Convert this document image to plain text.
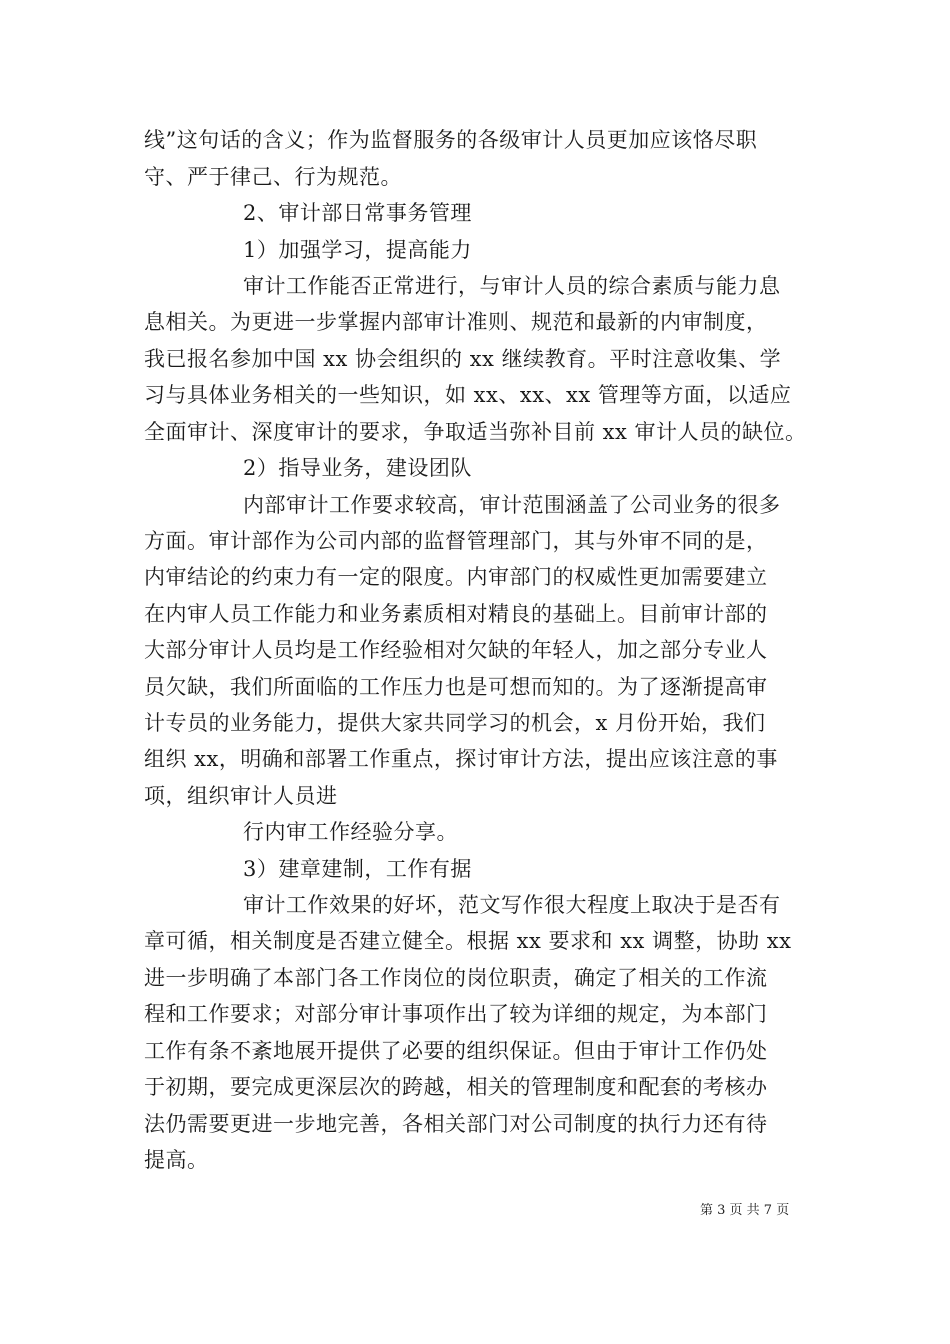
线”这句话的含义；作为监督服务的各级审计人员更加应该恪尽职
守、严于律己、行为规范。
2、审计部日常事务管理
1）加强学习，提高能力
审计工作能否正常进行，与审计人员的综合素质与能力息
息相关。为更进一步掌握内部审计准则、规范和最新的内审制度，
我已报名参加中国 xx 协会组织的 xx 继续教育。平时注意收集、学
习与具体业务相关的一些知识，如 xx、xx、xx 管理等方面，以适应
全面审计、深度审计的要求，争取适当弥补目前 xx 审计人员的缺位。
2）指导业务，建设团队
内部审计工作要求较高，审计范围涵盖了公司业务的很多
方面。审计部作为公司内部的监督管理部门，其与外审不同的是，
内审结论的约束力有一定的限度。内审部门的权威性更加需要建立
在内审人员工作能力和业务素质相对精良的基础上。目前审计部的
大部分审计人员均是工作经验相对欠缺的年轻人，加之部分专业人
员欠缺，我们所面临的工作压力也是可想而知的。为了逐渐提高审
计专员的业务能力，提供大家共同学习的机会，x 月份开始，我们
组织 xx，明确和部署工作重点，探讨审计方法，提出应该注意的事
项，组织审计人员进
行内审工作经验分享。
3）建章建制，工作有据
审计工作效果的好坏，范文写作很大程度上取决于是否有
章可循，相关制度是否建立健全。根据 xx 要求和 xx 调整，协助 xx
进一步明确了本部门各工作岗位的岗位职责，确定了相关的工作流
程和工作要求；对部分审计事项作出了较为详细的规定，为本部门
工作有条不紊地展开提供了必要的组织保证。但由于审计工作仍处
于初期，要完成更深层次的跨越，相关的管理制度和配套的考核办
法仍需要更进一步地完善，各相关部门对公司制度的执行力还有待
提高。
第 3 页 共 7 页
